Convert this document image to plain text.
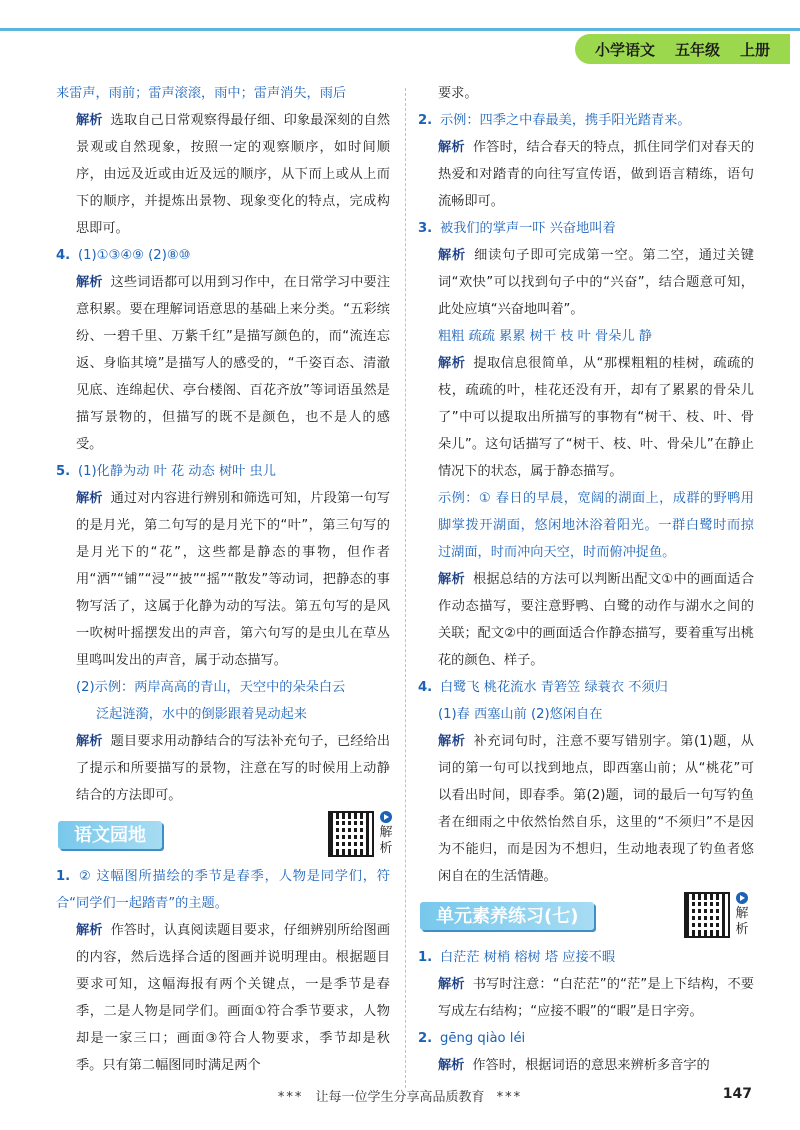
小学语文 五年级 上册

来雷声，雨前；雷声滚滚，雨中；雷声消失，雨后

解析 选取自己日常观察得最仔细、印象最深刻的自然景观或自然现象，按照一定的观察顺序，如时间顺序，由远及近或由近及远的顺序，从下而上或从上而下的顺序，并提炼出景物、现象变化的特点，完成构思即可。

4. (1)①③④⑨ (2)⑧⑩

解析 这些词语都可以用到习作中，在日常学习中要注意积累。要在理解词语意思的基础上来分类。“五彩缤纷、一碧千里、万紫千红”是描写颜色的，而“流连忘返、身临其境”是描写人的感受的，“千姿百态、清澈见底、连绵起伏、亭台楼阁、百花齐放”等词语虽然是描写景物的，但描写的既不是颜色，也不是人的感受。

5. (1)化静为动 叶 花 动态 树叶 虫儿

解析 通过对内容进行辨别和筛选可知，片段第一句写的是月光，第二句写的是月光下的“叶”，第三句写的是月光下的“花”，这些都是静态的事物，但作者用“洒”“铺”“浸”“披”“摇”“散发”等动词，把静态的事物写活了，这属于化静为动的写法。第五句写的是风一吹树叶摇摆发出的声音，第六句写的是虫儿在草丛里鸣叫发出的声音，属于动态描写。

(2)示例：两岸高高的青山，天空中的朵朵白云

泛起涟漪，水中的倒影跟着晃动起来

解析 题目要求用动静结合的写法补充句子，已经给出了提示和所要描写的景物，注意在写的时候用上动静结合的方法即可。

语文园地	解析

1. ② 这幅图所描绘的季节是春季，人物是同学们，符合“同学们一起踏青”的主题。

解析 作答时，认真阅读题目要求，仔细辨别所给图画的内容，然后选择合适的图画并说明理由。根据题目要求可知，这幅海报有两个关键点，一是季节是春季，二是人物是同学们。画面①符合季节要求，人物却是一家三口；画面③符合人物要求，季节却是秋季。只有第二幅图同时满足两个

要求。

2. 示例：四季之中春最美，携手阳光踏青来。

解析 作答时，结合春天的特点，抓住同学们对春天的热爱和对踏青的向往写宣传语，做到语言精练，语句流畅即可。

3. 被我们的掌声一吓 兴奋地叫着

解析 细读句子即可完成第一空。第二空，通过关键词“欢快”可以找到句子中的“兴奋”，结合题意可知，此处应填“兴奋地叫着”。

粗粗 疏疏 累累 树干 枝 叶 骨朵儿 静

解析 提取信息很简单，从“那棵粗粗的桂树，疏疏的枝，疏疏的叶，桂花还没有开，却有了累累的骨朵儿了”中可以提取出所描写的事物有“树干、枝、叶、骨朵儿”。这句话描写了“树干、枝、叶、骨朵儿”在静止情况下的状态，属于静态描写。

示例：① 春日的早晨，宽阔的湖面上，成群的野鸭用脚掌拨开湖面，悠闲地沐浴着阳光。一群白鹭时而掠过湖面，时而冲向天空，时而俯冲捉鱼。

解析 根据总结的方法可以判断出配文①中的画面适合作动态描写，要注意野鸭、白鹭的动作与湖水之间的关联；配文②中的画面适合作静态描写，要着重写出桃花的颜色、样子。

4. 白鹭飞 桃花流水 青箬笠 绿蓑衣 不须归

(1)春 西塞山前 (2)悠闲自在

解析 补充词句时，注意不要写错别字。第(1)题，从词的第一句可以找到地点，即西塞山前；从“桃花”可以看出时间，即春季。第(2)题，词的最后一句写钓鱼者在细雨之中依然怡然自乐，这里的“不须归”不是因为不能归，而是因为不想归，生动地表现了钓鱼者悠闲自在的生活情趣。

单元素养练习(七)	解析

1. 白茫茫 树梢 榕树 塔 应接不暇

解析 书写时注意：“白茫茫”的“茫”是上下结构，不要写成左右结构；“应接不暇”的“暇”是日字旁。

2. gēng qiào léi

解析 作答时，根据词语的意思来辨析多音字的

*** 让每一位学生分享高品质教育 ***	147
